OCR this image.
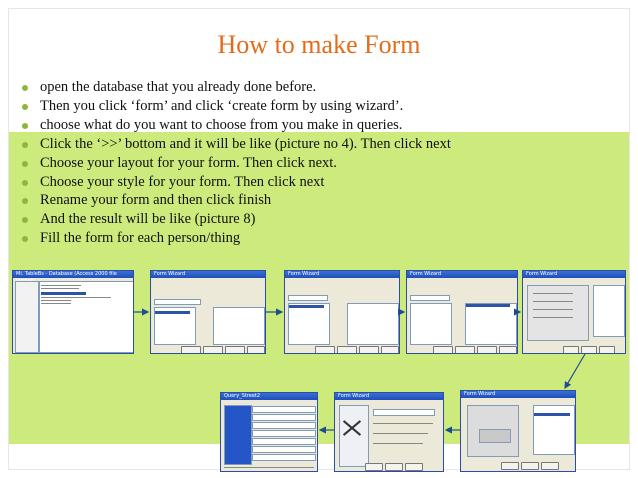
How to make Form
open the database that you already done before.
Then you click ‘form’ and click ‘create form by using wizard’.
choose what do you want to choose from you make in queries.
Click the ‘>>’ bottom and it will be like (picture no 4). Then click next
Choose your layout for your form. Then click next.
Choose your style for your form. Then click next
Rename your form and then click finish
And the result will be like (picture 8)
Fill the form for each person/thing
Mi. TableBs - Database (Access 2000 file	Form Wizard	Form Wizard	Form Wizard	Form Wizard
Form Wizard
Form Wizard
Query_Street2
